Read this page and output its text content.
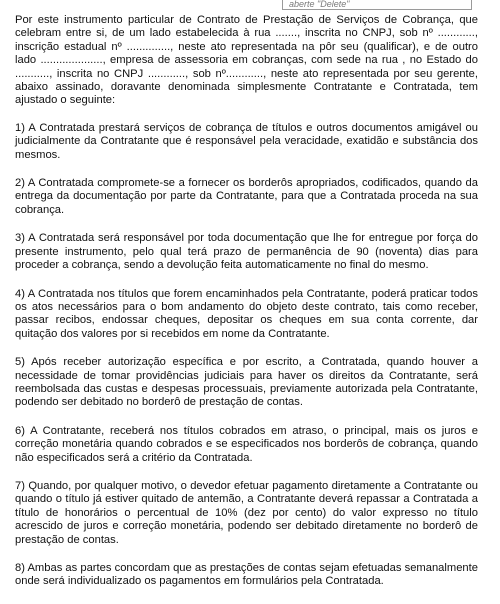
aberte "Delete"

Por este instrumento particular de Contrato de Prestação de Serviços de Cobrança, que celebram entre si, de um lado estabelecida à rua ......., inscrita no CNPJ, sob nº ............, inscrição estadual nº .............., neste ato representada na pôr seu (qualificar), e de outro lado ...................., empresa de assessoria em cobranças, com sede na rua , no Estado do ..........., inscrita no CNPJ ............, sob nº............, neste ato representada por seu gerente, abaixo assinado, doravante denominada simplesmente Contratante e Contratada, tem ajustado o seguinte:

1) A Contratada prestará serviços de cobrança de títulos e outros documentos amigável ou judicialmente da Contratante que é responsável pela veracidade, exatidão e substância dos mesmos.

2) A Contratada compromete-se a fornecer os borderôs apropriados, codificados, quando da entrega da documentação por parte da Contratante, para que a Contratada proceda na sua cobrança.

3) A Contratada será responsável por toda documentação que lhe for entregue por força do presente instrumento, pelo qual terá prazo de permanência de 90 (noventa) dias para proceder a cobrança, sendo a devolução feita automaticamente no final do mesmo.

4) A Contratada nos títulos que forem encaminhados pela Contratante, poderá praticar todos os atos necessários para o bom andamento do objeto deste contrato, tais como receber, passar recibos, endossar cheques, depositar os cheques em sua conta corrente, dar quitação dos valores por si recebidos em nome da Contratante.

5) Após receber autorização específica e por escrito, a Contratada, quando houver a necessidade de tomar providências judiciais para haver os direitos da Contratante, será reembolsada das custas e despesas processuais, previamente autorizada pela Contratante, podendo ser debitado no borderô de prestação de contas.

6) A Contratante, receberá nos títulos cobrados em atraso, o principal, mais os juros e correção monetária quando cobrados e se especificados nos borderôs de cobrança, quando não especificados será a critério da Contratada.

7) Quando, por qualquer motivo, o devedor efetuar pagamento diretamente a Contratante ou quando o título já estiver quitado de antemão, a Contratante deverá repassar a Contratada a título de honorários o percentual de 10% (dez por cento) do valor expresso no título acrescido de juros e correção monetária, podendo ser debitado diretamente no borderô de prestação de contas.

8) Ambas as partes concordam que as prestações de contas sejam efetuadas semanalmente onde será individualizado os pagamentos em formulários pela Contratada.
